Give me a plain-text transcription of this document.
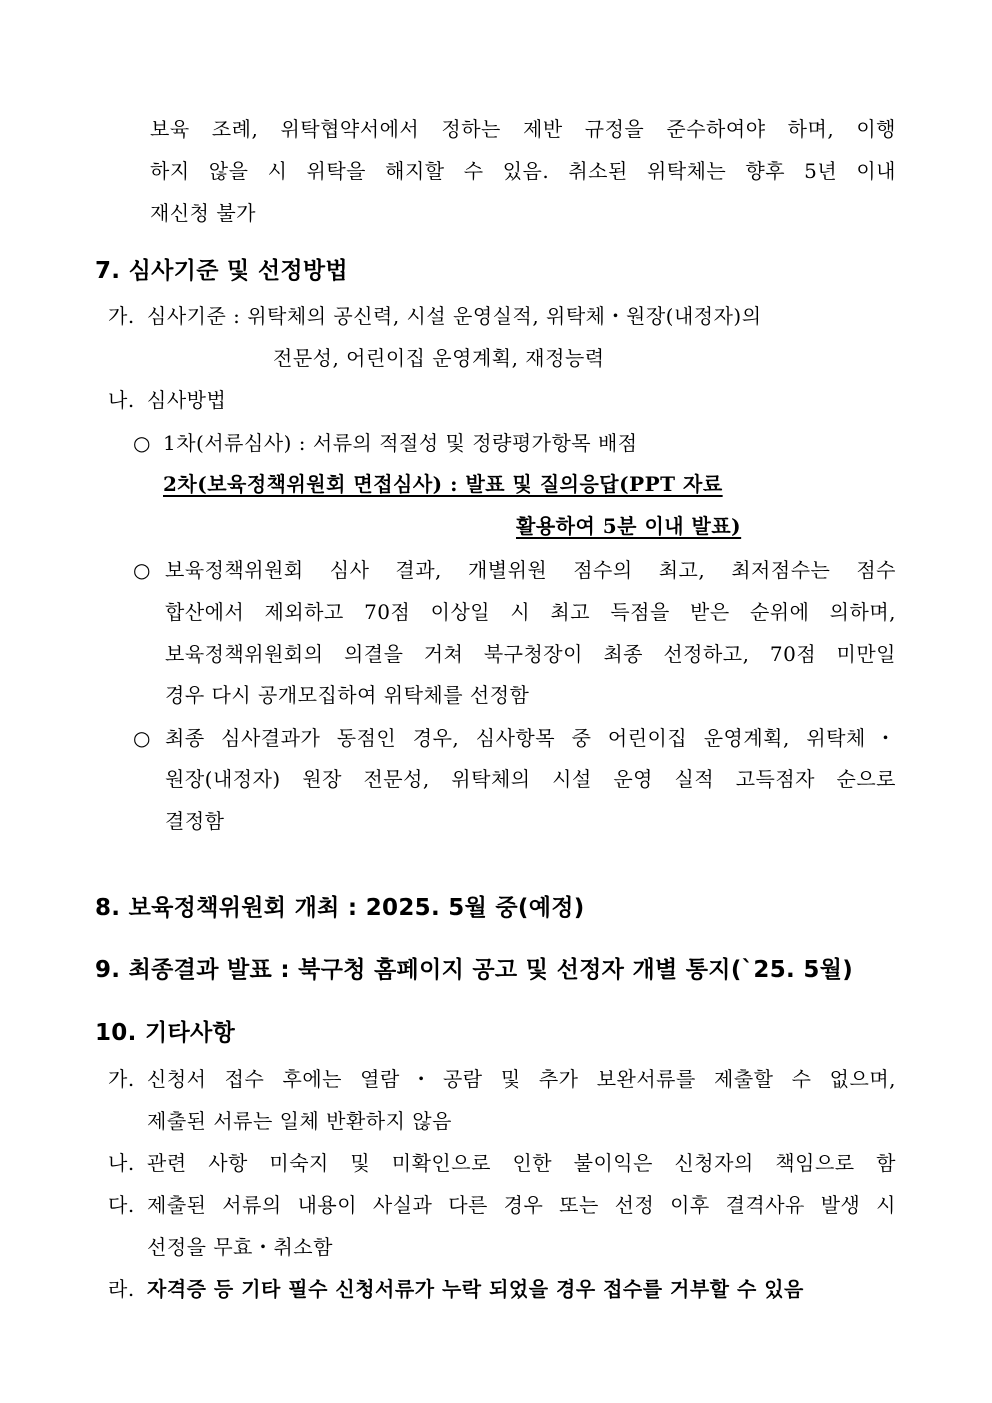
보육 조례, 위탁협약서에서 정하는 제반 규정을 준수하여야 하며, 이행
하지 않을 시 위탁을 해지할 수 있음. 취소된 위탁체는 향후 5년 이내
재신청 불가
7. 심사기준 및 선정방법
가. 심사기준 : 위탁체의 공신력, 시설 운영실적, 위탁체・원장(내정자)의
전문성, 어린이집 운영계획, 재정능력
나. 심사방법
○ 1차(서류심사) : 서류의 적절성 및 정량평가항목 배점
2차(보육정책위원회 면접심사) : 발표 및 질의응답(PPT 자료
활용하여 5분 이내 발표)
○ 보육정책위원회 심사 결과, 개별위원 점수의 최고, 최저점수는 점수
합산에서 제외하고 70점 이상일 시 최고 득점을 받은 순위에 의하며,
보육정책위원회의 의결을 거쳐 북구청장이 최종 선정하고, 70점 미만일
경우 다시 공개모집하여 위탁체를 선정함
○ 최종 심사결과가 동점인 경우, 심사항목 중 어린이집 운영계획, 위탁체・
원장(내정자) 원장 전문성, 위탁체의 시설 운영 실적 고득점자 순으로
결정함
8. 보육정책위원회 개최 : 2025. 5월 중(예정)
9. 최종결과 발표 : 북구청 홈페이지 공고 및 선정자 개별 통지(`25. 5월)
10. 기타사항
가. 신청서 접수 후에는 열람・공람 및 추가 보완서류를 제출할 수 없으며,
제출된 서류는 일체 반환하지 않음
나. 관련 사항 미숙지 및 미확인으로 인한 불이익은 신청자의 책임으로 함
다. 제출된 서류의 내용이 사실과 다른 경우 또는 선정 이후 결격사유 발생 시
선정을 무효・취소함
라. 자격증 등 기타 필수 신청서류가 누락 되었을 경우 접수를 거부할 수 있음
